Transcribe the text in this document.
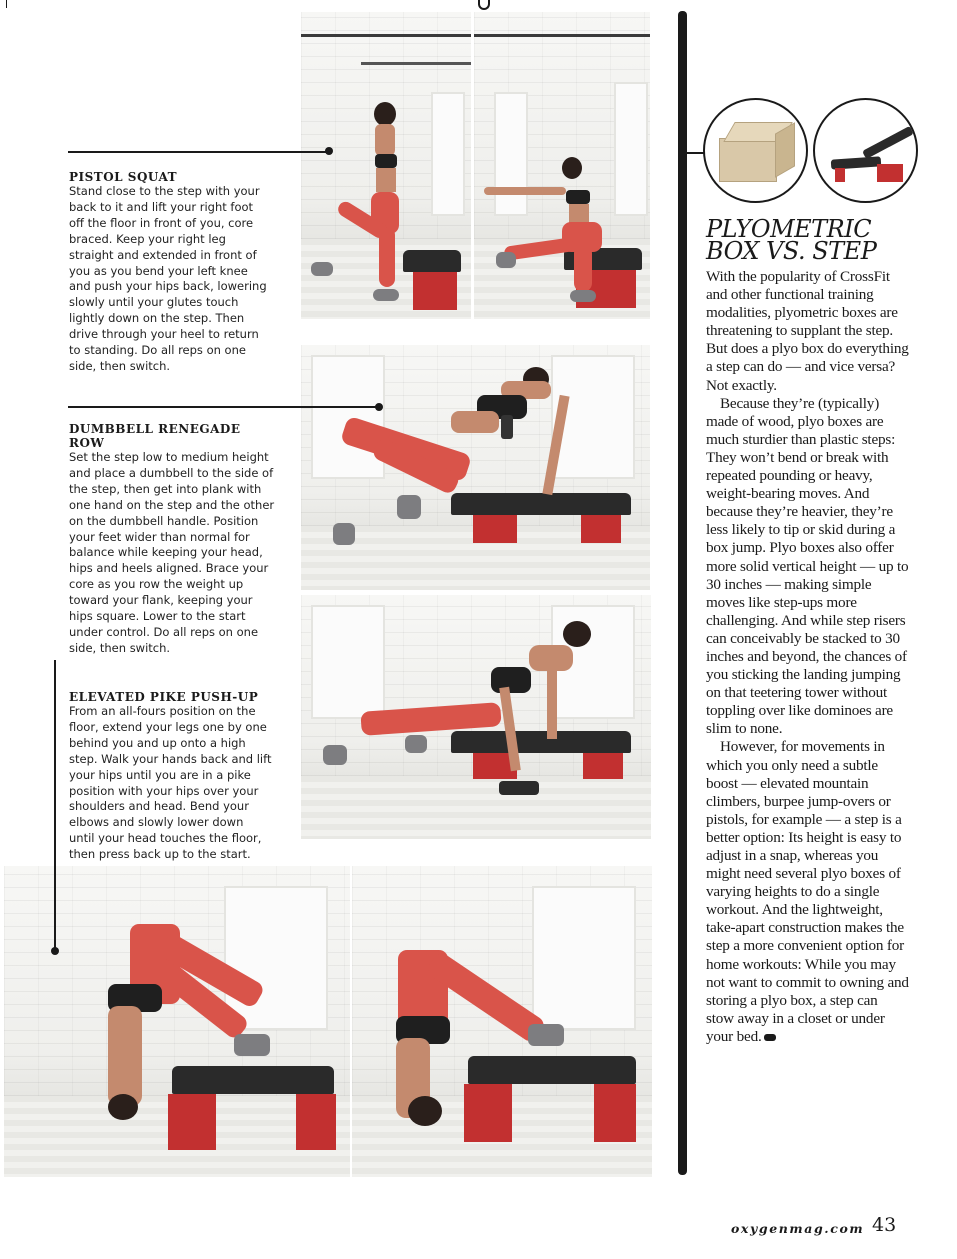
PISTOL SQUAT
Stand close to the step with your back to it and lift your right foot off the floor in front of you, core braced. Keep your right leg straight and extended in front of you as you bend your left knee and push your hips back, lowering slowly until your glutes touch lightly down on the step. Then drive through your heel to return to standing. Do all reps on one side, then switch.
DUMBBELL RENEGADE ROW
Set the step low to medium height and place a dumbbell to the side of the step, then get into plank with one hand on the step and the other on the dumbbell handle. Position your feet wider than normal for balance while keeping your head, hips and heels aligned. Brace your core as you row the weight up toward your flank, keeping your hips square. Lower to the start under control. Do all reps on one side, then switch.
ELEVATED PIKE PUSH-UP
From an all-fours position on the floor, extend your legs one by one behind you and up onto a high step. Walk your hands back and lift your hips until you are in a pike position with your hips over your shoulders and head. Bend your elbows and slowly lower down until your head touches the floor, then press back up to the start.
PLYOMETRIC
BOX VS. STEP

With the popularity of CrossFit and other functional training modalities, plyometric boxes are threatening to supplant the step. But does a plyo box do everything a step can do — and vice versa? Not exactly.

Because they’re (typically) made of wood, plyo boxes are much sturdier than plastic steps: They won’t bend or break with repeated pounding or heavy, weight-bearing moves. And because they’re heavier, they’re less likely to tip or skid during a box jump. Plyo boxes also offer more solid vertical height — up to 30 inches — making simple moves like step-ups more challenging. And while step risers can conceivably be stacked to 30 inches and beyond, the chances of you sticking the landing jumping on that teetering tower without toppling over like dominoes are slim to none.

However, for movements in which you only need a subtle boost — elevated mountain climbers, burpee jump-overs or pistols, for example — a step is a better option: Its height is easy to adjust in a snap, whereas you might need several plyo boxes of varying heights to do a single workout. And the lightweight, take-apart construction makes the step a more convenient option for home workouts: While you may not want to commit to owning and storing a plyo box, a step can stow away in a closet or under your bed.

oxygenmag.com 43
